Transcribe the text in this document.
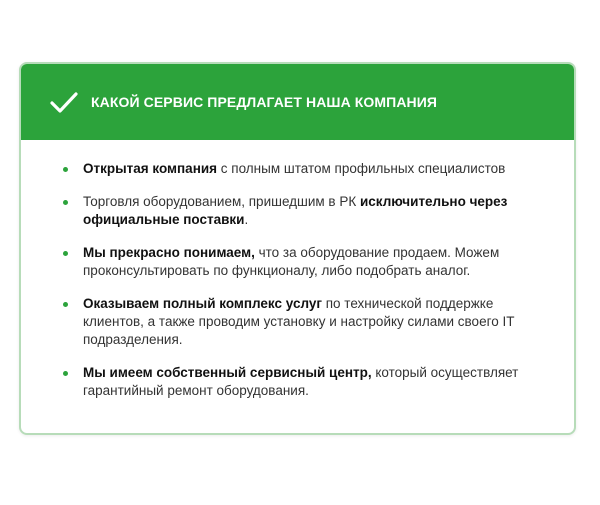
КАКОЙ СЕРВИС ПРЕДЛАГАЕТ НАША КОМПАНИЯ
Открытая компания с полным штатом профильных специалистов
Торговля оборудованием, пришедшим в РК исключительно через официальные поставки.
Мы прекрасно понимаем, что за оборудование продаем. Можем проконсультировать по функционалу, либо подобрать аналог.
Оказываем полный комплекс услуг по технической поддержке клиентов, а также проводим установку и настройку силами своего IT подразделения.
Мы имеем собственный сервисный центр, который осуществляет гарантийный ремонт оборудования.
